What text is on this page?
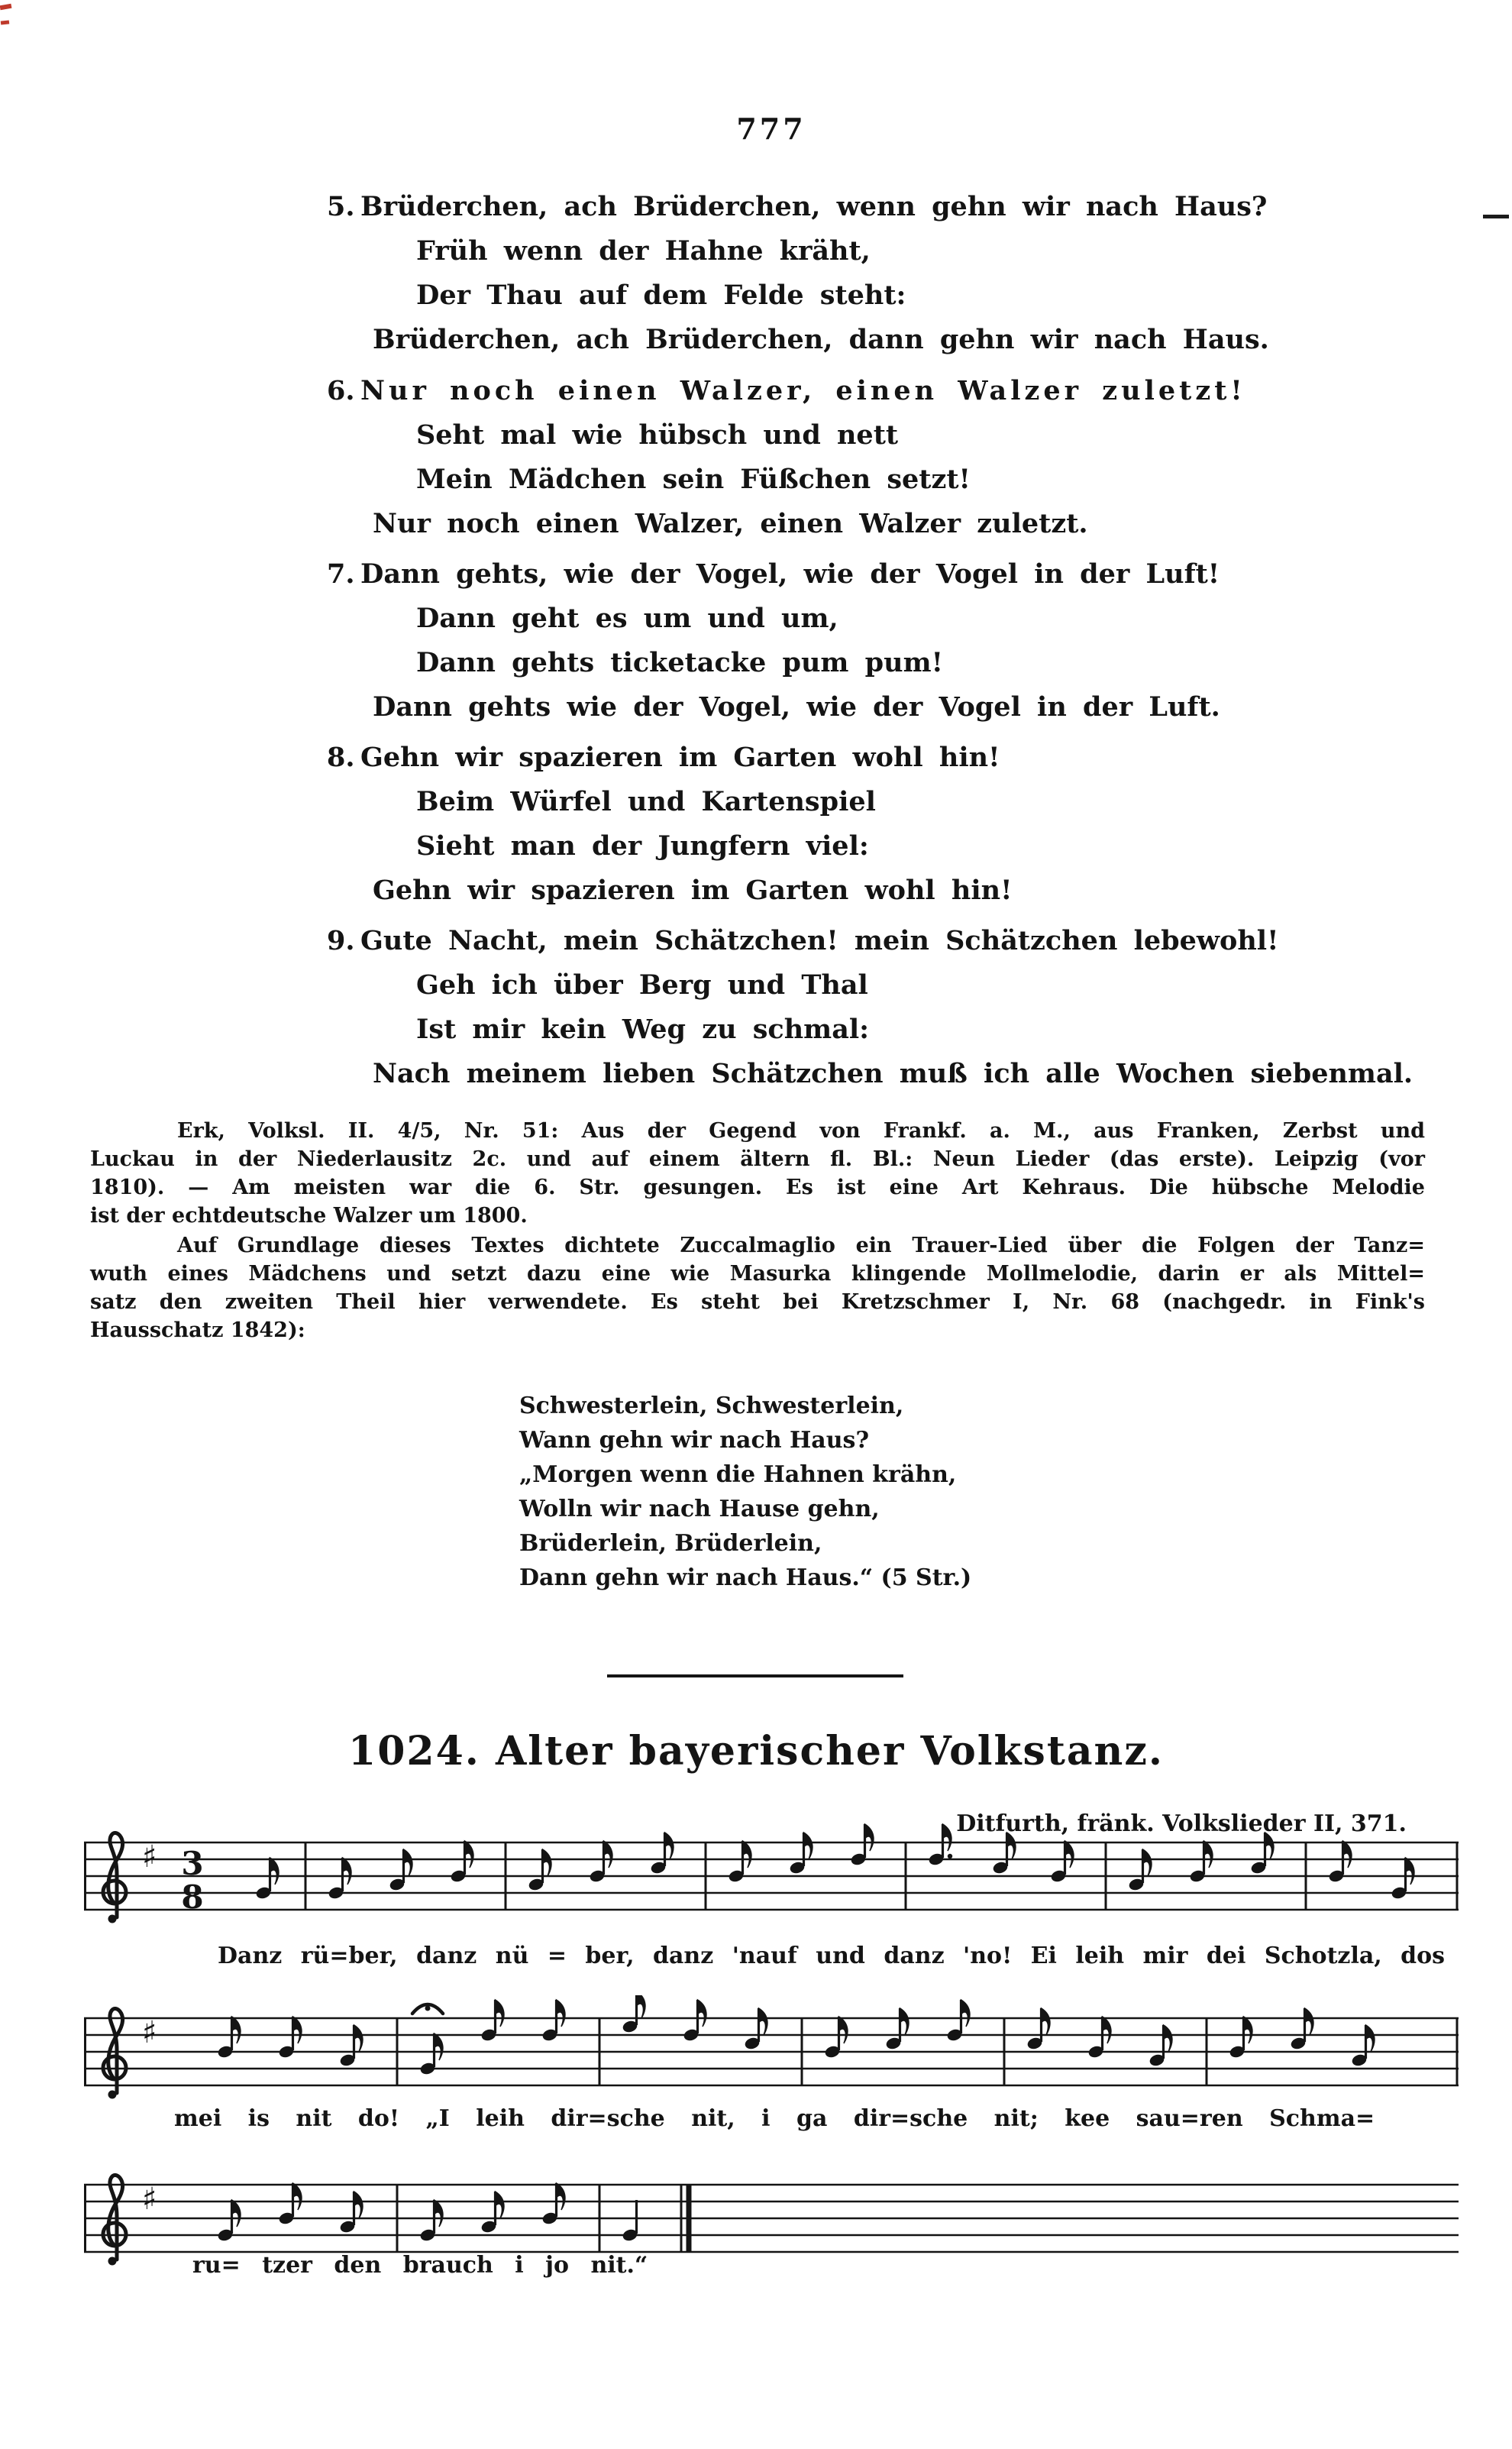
777
5. Brüderchen, ach Brüderchen, wenn gehn wir nach Haus?
Früh wenn der Hahne kräht,
Der Thau auf dem Felde steht:
Brüderchen, ach Brüderchen, dann gehn wir nach Haus.
6. Nur noch einen Walzer, einen Walzer zuletzt!
Seht mal wie hübsch und nett
Mein Mädchen sein Füßchen setzt!
Nur noch einen Walzer, einen Walzer zuletzt.
7. Dann gehts, wie der Vogel, wie der Vogel in der Luft!
Dann geht es um und um,
Dann gehts ticketacke pum pum!
Dann gehts wie der Vogel, wie der Vogel in der Luft.
8. Gehn wir spazieren im Garten wohl hin!
Beim Würfel und Kartenspiel
Sieht man der Jungfern viel:
Gehn wir spazieren im Garten wohl hin!
9. Gute Nacht, mein Schätzchen! mein Schätzchen lebewohl!
Geh ich über Berg und Thal
Ist mir kein Weg zu schmal:
Nach meinem lieben Schätzchen muß ich alle Wochen siebenmal.
Erk, Volksl. II. 4/5, Nr. 51: Aus der Gegend von Frankf. a. M., aus Franken, Zerbst und
Luckau in der Niederlausitz 2c. und auf einem ältern fl. Bl.: Neun Lieder (das erste). Leipzig (vor
1810). — Am meisten war die 6. Str. gesungen. Es ist eine Art Kehraus. Die hübsche Melodie
ist der echtdeutsche Walzer um 1800.
Auf Grundlage dieses Textes dichtete Zuccalmaglio ein Trauer-Lied über die Folgen der Tanz=
wuth eines Mädchens und setzt dazu eine wie Masurka klingende Mollmelodie, darin er als Mittel=
satz den zweiten Theil hier verwendete. Es steht bei Kretzschmer I, Nr. 68 (nachgedr. in Fink's
Hausschatz 1842):
Schwesterlein, Schwesterlein,
Wann gehn wir nach Haus?
„Morgen wenn die Hahnen krähn,
Wolln wir nach Hause gehn,
Brüderlein, Brüderlein,
Dann gehn wir nach Haus.“ (5 Str.)
1024. Alter bayerischer Volkstanz.
Ditfurth, fränk. Volkslieder II, 371.
♯ 3
8
Danz rü=ber, danz nü = ber, danz 'nauf und danz 'no! Ei leih mir dei Schotzla, dos
♯
mei is nit do! „I leih dir=sche nit, i ga dir=sche nit; kee sau=ren Schma=
♯
ru= tzer den brauch i jo nit.“
